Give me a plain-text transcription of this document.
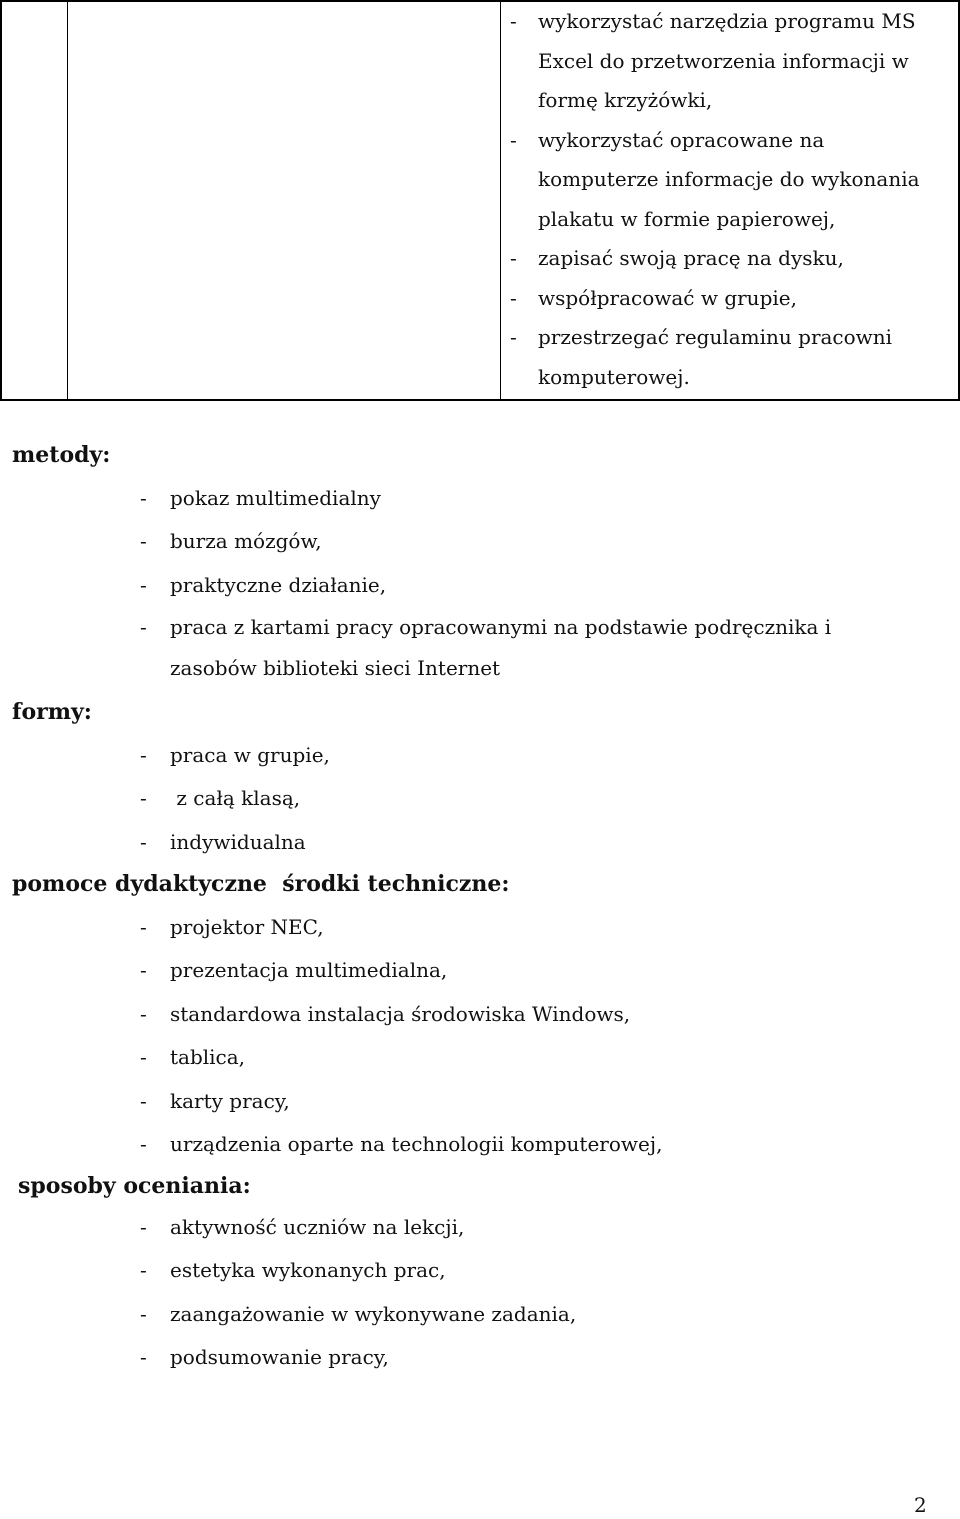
- wykorzystać narzędzia programu MS Excel do przetworzenia informacji w formę krzyżówki,
- wykorzystać opracowane na komputerze informacje do wykonania plakatu w formie papierowej,
- zapisać swoją pracę na dysku,
- współpracować w grupie,
- przestrzegać regulaminu pracowni komputerowej.
metody:
- pokaz multimedialny
- burza mózgów,
- praktyczne działanie,
- praca z kartami pracy opracowanymi na podstawie podręcznika i zasobów biblioteki sieci Internet
formy:
- praca w grupie,
- z całą klasą,
- indywidualna
pomoce dydaktyczne  środki techniczne:
- projektor NEC,
- prezentacja multimedialna,
- standardowa instalacja środowiska Windows,
- tablica,
- karty pracy,
- urządzenia oparte na technologii komputerowej,
sposoby oceniania:
- aktywność uczniów na lekcji,
- estetyka wykonanych prac,
- zaangażowanie w wykonywane zadania,
- podsumowanie pracy,
2
